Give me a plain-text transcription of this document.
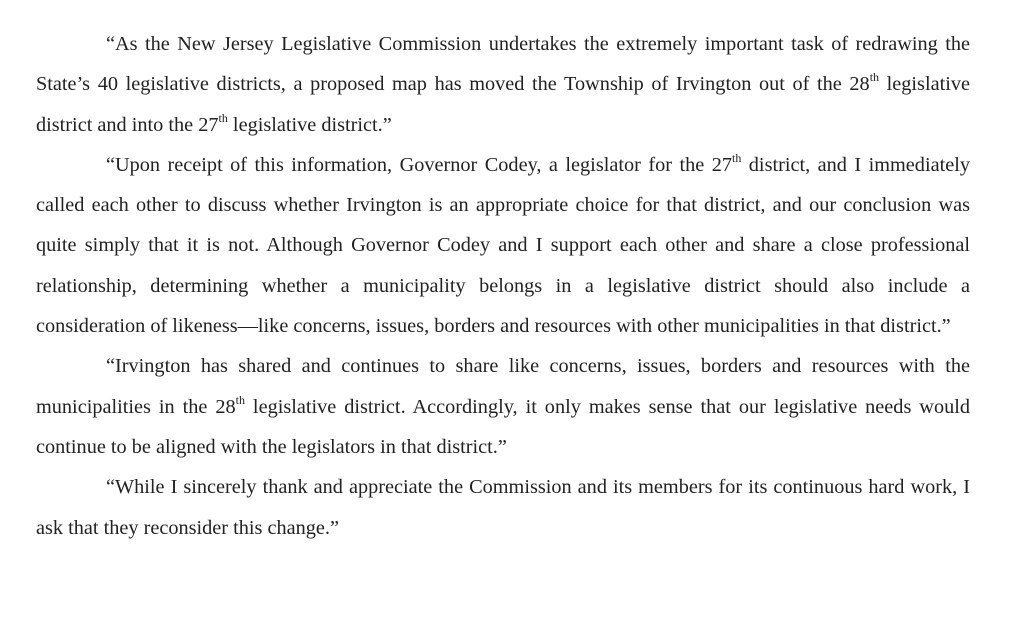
“As the New Jersey Legislative Commission undertakes the extremely important task of redrawing the State’s 40 legislative districts, a proposed map has moved the Township of Irvington out of the 28th legislative district and into the 27th legislative district.”

“Upon receipt of this information, Governor Codey, a legislator for the 27th district, and I immediately called each other to discuss whether Irvington is an appropriate choice for that district, and our conclusion was quite simply that it is not. Although Governor Codey and I support each other and share a close professional relationship, determining whether a municipality belongs in a legislative district should also include a consideration of likeness—like concerns, issues, borders and resources with other municipalities in that district.”

“Irvington has shared and continues to share like concerns, issues, borders and resources with the municipalities in the 28th legislative district. Accordingly, it only makes sense that our legislative needs would continue to be aligned with the legislators in that district.”

“While I sincerely thank and appreciate the Commission and its members for its continuous hard work, I ask that they reconsider this change.”
